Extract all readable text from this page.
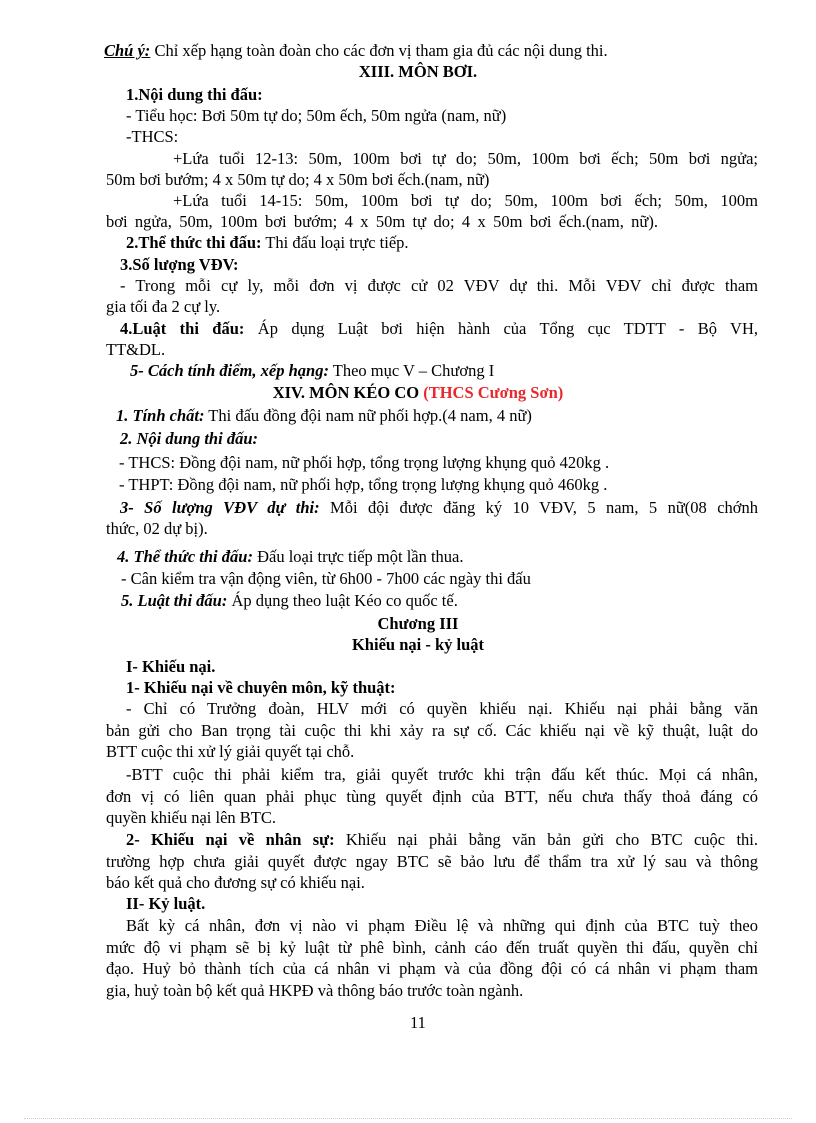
Chú ý: Chỉ xếp hạng toàn đoàn cho các đơn vị tham gia đủ các nội dung thi.
XIII. MÔN BƠI.
1.Nội dung thi đấu:
- Tiểu học: Bơi 50m tự do; 50m ếch, 50m ngửa (nam, nữ)
-THCS:
+Lứa tuổi 12-13: 50m, 100m bơi tự do; 50m, 100m bơi ếch; 50m bơi ngửa;
50m bơi bướm; 4 x 50m tự do; 4 x 50m bơi ếch.(nam, nữ)
+Lứa tuổi 14-15: 50m, 100m bơi tự do; 50m, 100m bơi ếch; 50m, 100m
bơi ngửa, 50m, 100m bơi bướm; 4 x 50m tự do; 4 x 50m bơi ếch.(nam, nữ).
2.Thể thức thi đấu: Thi đấu loại trực tiếp.
3.Số lượng VĐV:
- Trong mỗi cự ly, mỗi đơn vị được cử 02 VĐV dự thi. Mỗi VĐV chỉ được tham
gia tối đa 2 cự ly.
4.Luật thi đấu: Áp dụng Luật bơi hiện hành của Tổng cục TDTT - Bộ VH,
TT&DL.
5- Cách tính điểm, xếp hạng: Theo mục V – Chương I
XIV. MÔN KÉO CO (THCS Cương Sơn)
1. Tính chất: Thi đấu đồng đội nam nữ phối hợp.(4 nam, 4 nữ)
2. Nội dung thi đấu:
- THCS: Đồng đội nam, nữ phối hợp, tổng trọng lượng khụng quỏ 420kg .
- THPT: Đồng đội nam, nữ phối hợp, tổng trọng lượng khụng quỏ 460kg .
3- Số lượng VĐV dự thi: Mỗi đội được đăng ký 10 VĐV, 5 nam, 5 nữ(08 chớnh
thức, 02 dự bị).
4. Thể thức thi đấu: Đấu loại trực tiếp một lần thua.
- Cân kiểm tra vận động viên, từ 6h00 - 7h00 các ngày thi đấu
5. Luật thi đấu: Áp dụng theo luật Kéo co quốc tế.
Chương III
Khiếu nại - kỷ luật
I- Khiếu nại.
1- Khiếu nại về chuyên môn, kỹ thuật:
- Chỉ có Trưởng đoàn, HLV mới có quyền khiếu nại. Khiếu nại phải bằng văn
bản gửi cho Ban trọng tài cuộc thi khi xảy ra sự cố. Các khiếu nại về kỹ thuật, luật do
BTT cuộc thi xử lý giải quyết tại chỗ.
-BTT cuộc thi phải kiểm tra, giải quyết trước khi trận đấu kết thúc. Mọi cá nhân,
đơn vị có liên quan phải phục tùng quyết định của BTT, nếu chưa thấy thoả đáng có
quyền khiếu nại lên BTC.
2- Khiếu nại về nhân sự: Khiếu nại phải bằng văn bản gửi cho BTC cuộc thi.
trường hợp chưa giải quyết được ngay BTC sẽ bảo lưu để thẩm tra xử lý sau và thông
báo kết quả cho đương sự có khiếu nại.
II- Kỷ luật.
Bất kỳ cá nhân, đơn vị nào vi phạm Điều lệ và những qui định của BTC tuỳ theo
mức độ vi phạm sẽ bị kỷ luật từ phê bình, cảnh cáo đến truất quyền thi đấu, quyền chỉ
đạo. Huỷ bỏ thành tích của cá nhân vi phạm và của đồng đội có cá nhân vi phạm tham
gia, huỷ toàn bộ kết quả HKPĐ và thông báo trước toàn ngành.
11
